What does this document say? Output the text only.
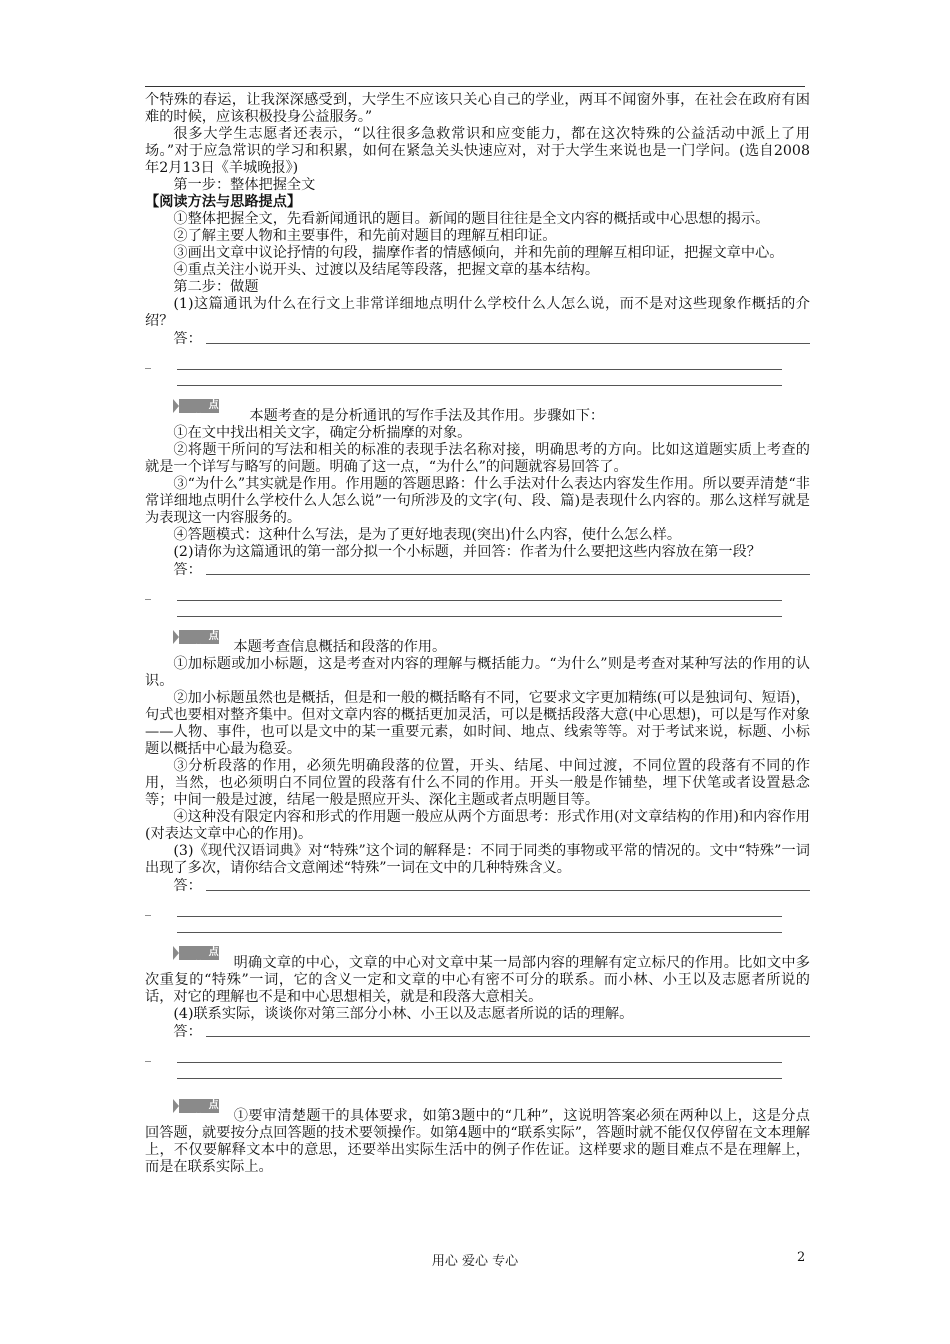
个特殊的春运，让我深深感受到，大学生不应该只关心自己的学业，两耳不闻窗外事，在社会在政府有困难的时候，应该积极投身公益服务。”

很多大学生志愿者还表示，“以往很多急救常识和应变能力，都在这次特殊的公益活动中派上了用场。”对于应急常识的学习和积累，如何在紧急关头快速应对，对于大学生来说也是一门学问。(选自2008年2月13日《羊城晚报》)

第一步：整体把握全文

【阅读方法与思路提点】

①整体把握全文，先看新闻通讯的题目。新闻的题目往往是全文内容的概括或中心思想的揭示。

②了解主要人物和主要事件，和先前对题目的理解互相印证。

③画出文章中议论抒情的句段，揣摩作者的情感倾向，并和先前的理解互相印证，把握文章中心。

④重点关注小说开头、过渡以及结尾等段落，把握文章的基本结构。

第二步：做题

(1)这篇通讯为什么在行文上非常详细地点明什么学校什么人怎么说，而不是对这些现象作概括的介绍？

答：
_

点拨	本题考查的是分析通讯的写作手法及其作用。步骤如下：

①在文中找出相关文字，确定分析揣摩的对象。

②将题干所问的写法和相关的标准的表现手法名称对接，明确思考的方向。比如这道题实质上考查的就是一个详写与略写的问题。明确了这一点，“为什么”的问题就容易回答了。

③“为什么”其实就是作用。作用题的答题思路：什么手法对什么表达内容发生作用。所以要弄清楚“非常详细地点明什么学校什么人怎么说”一句所涉及的文字(句、段、篇)是表现什么内容的。那么这样写就是为表现这一内容服务的。

④答题模式：这种什么写法，是为了更好地表现(突出)什么内容，使什么怎么样。

(2)请你为这篇通讯的第一部分拟一个小标题，并回答：作者为什么要把这些内容放在第一段？

答：
_

点拨 本题考查信息概括和段落的作用。

①加标题或加小标题，这是考查对内容的理解与概括能力。“为什么”则是考查对某种写法的作用的认识。

②加小标题虽然也是概括，但是和一般的概括略有不同，它要求文字更加精练(可以是独词句、短语)，句式也要相对整齐集中。但对文章内容的概括更加灵活，可以是概括段落大意(中心思想)，可以是写作对象——人物、事件，也可以是文中的某一重要元素，如时间、地点、线索等等。对于考试来说，标题、小标题以概括中心最为稳妥。

③分析段落的作用，必须先明确段落的位置，开头、结尾、中间过渡，不同位置的段落有不同的作用，当然，也必须明白不同位置的段落有什么不同的作用。开头一般是作铺垫，埋下伏笔或者设置悬念等；中间一般是过渡，结尾一般是照应开头、深化主题或者点明题目等。

④这种没有限定内容和形式的作用题一般应从两个方面思考：形式作用(对文章结构的作用)和内容作用(对表达文章中心的作用)。

(3)《现代汉语词典》对“特殊”这个词的解释是：不同于同类的事物或平常的情况的。文中“特殊”一词出现了多次，请你结合文意阐述“特殊”一词在文中的几种特殊含义。

答：
_

点拨 明确文章的中心，文章的中心对文章中某一局部内容的理解有定立标尺的作用。比如文中多次重复的“特殊”一词，它的含义一定和文章的中心有密不可分的联系。而小林、小王以及志愿者所说的话，对它的理解也不是和中心思想相关，就是和段落大意相关。

(4)联系实际，谈谈你对第三部分小林、小王以及志愿者所说的话的理解。

答：
_

点拨 ①要审清楚题干的具体要求，如第3题中的“几种”，这说明答案必须在两种以上，这是分点回答题，就要按分点回答题的技术要领操作。如第4题中的“联系实际”，答题时就不能仅仅停留在文本理解上，不仅要解释文本中的意思，还要举出实际生活中的例子作佐证。这样要求的题目难点不是在理解上，而是在联系实际上。

用心 爱心 专心	2
